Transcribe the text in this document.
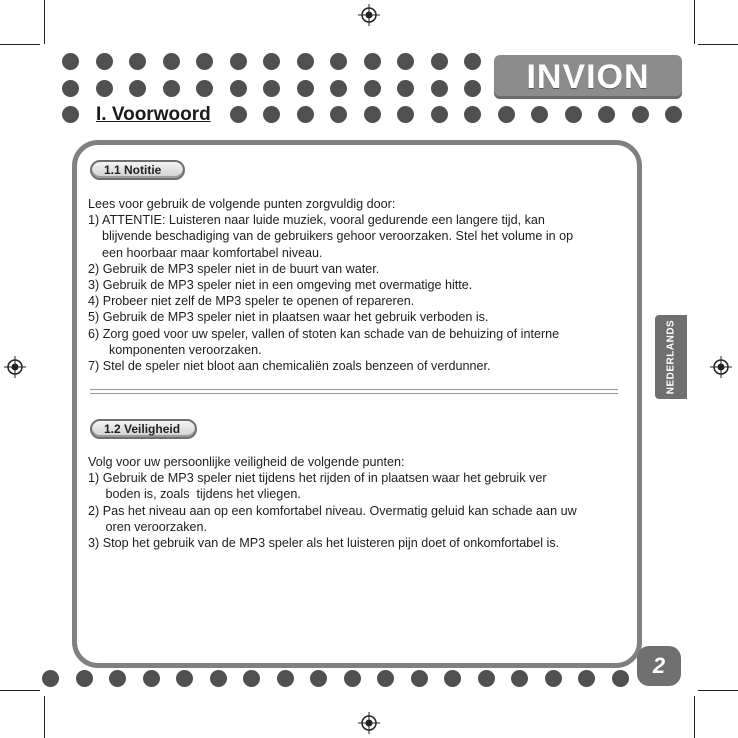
INVION
I. Voorwoord
1.1 Notitie
Lees voor gebruik de volgende punten zorgvuldig door:
1) ATTENTIE: Luisteren naar luide muziek, vooral gedurende een langere tijd, kan
blijvende beschadiging van de gebruikers gehoor veroorzaken. Stel het volume in op
een hoorbaar maar komfortabel niveau.
2) Gebruik de MP3 speler niet in de buurt van water.
3) Gebruik de MP3 speler niet in een omgeving met overmatige hitte.
4) Probeer niet zelf de MP3 speler te openen of repareren.
5) Gebruik de MP3 speler niet in plaatsen waar het gebruik verboden is.
6) Zorg goed voor uw speler, vallen of stoten kan schade van de behuizing of interne
komponenten veroorzaken.
7) Stel de speler niet bloot aan chemicaliën zoals benzeen of verdunner.
1.2 Veiligheid
Volg voor uw persoonlijke veiligheid de volgende punten:
1) Gebruik de MP3 speler niet tijdens het rijden of in plaatsen waar het gebruik ver
boden is, zoals  tijdens het vliegen.
2) Pas het niveau aan op een komfortabel niveau. Overmatig geluid kan schade aan uw
oren veroorzaken.
3) Stop het gebruik van de MP3 speler als het luisteren pijn doet of onkomfortabel is.
NEDERLANDS
2
